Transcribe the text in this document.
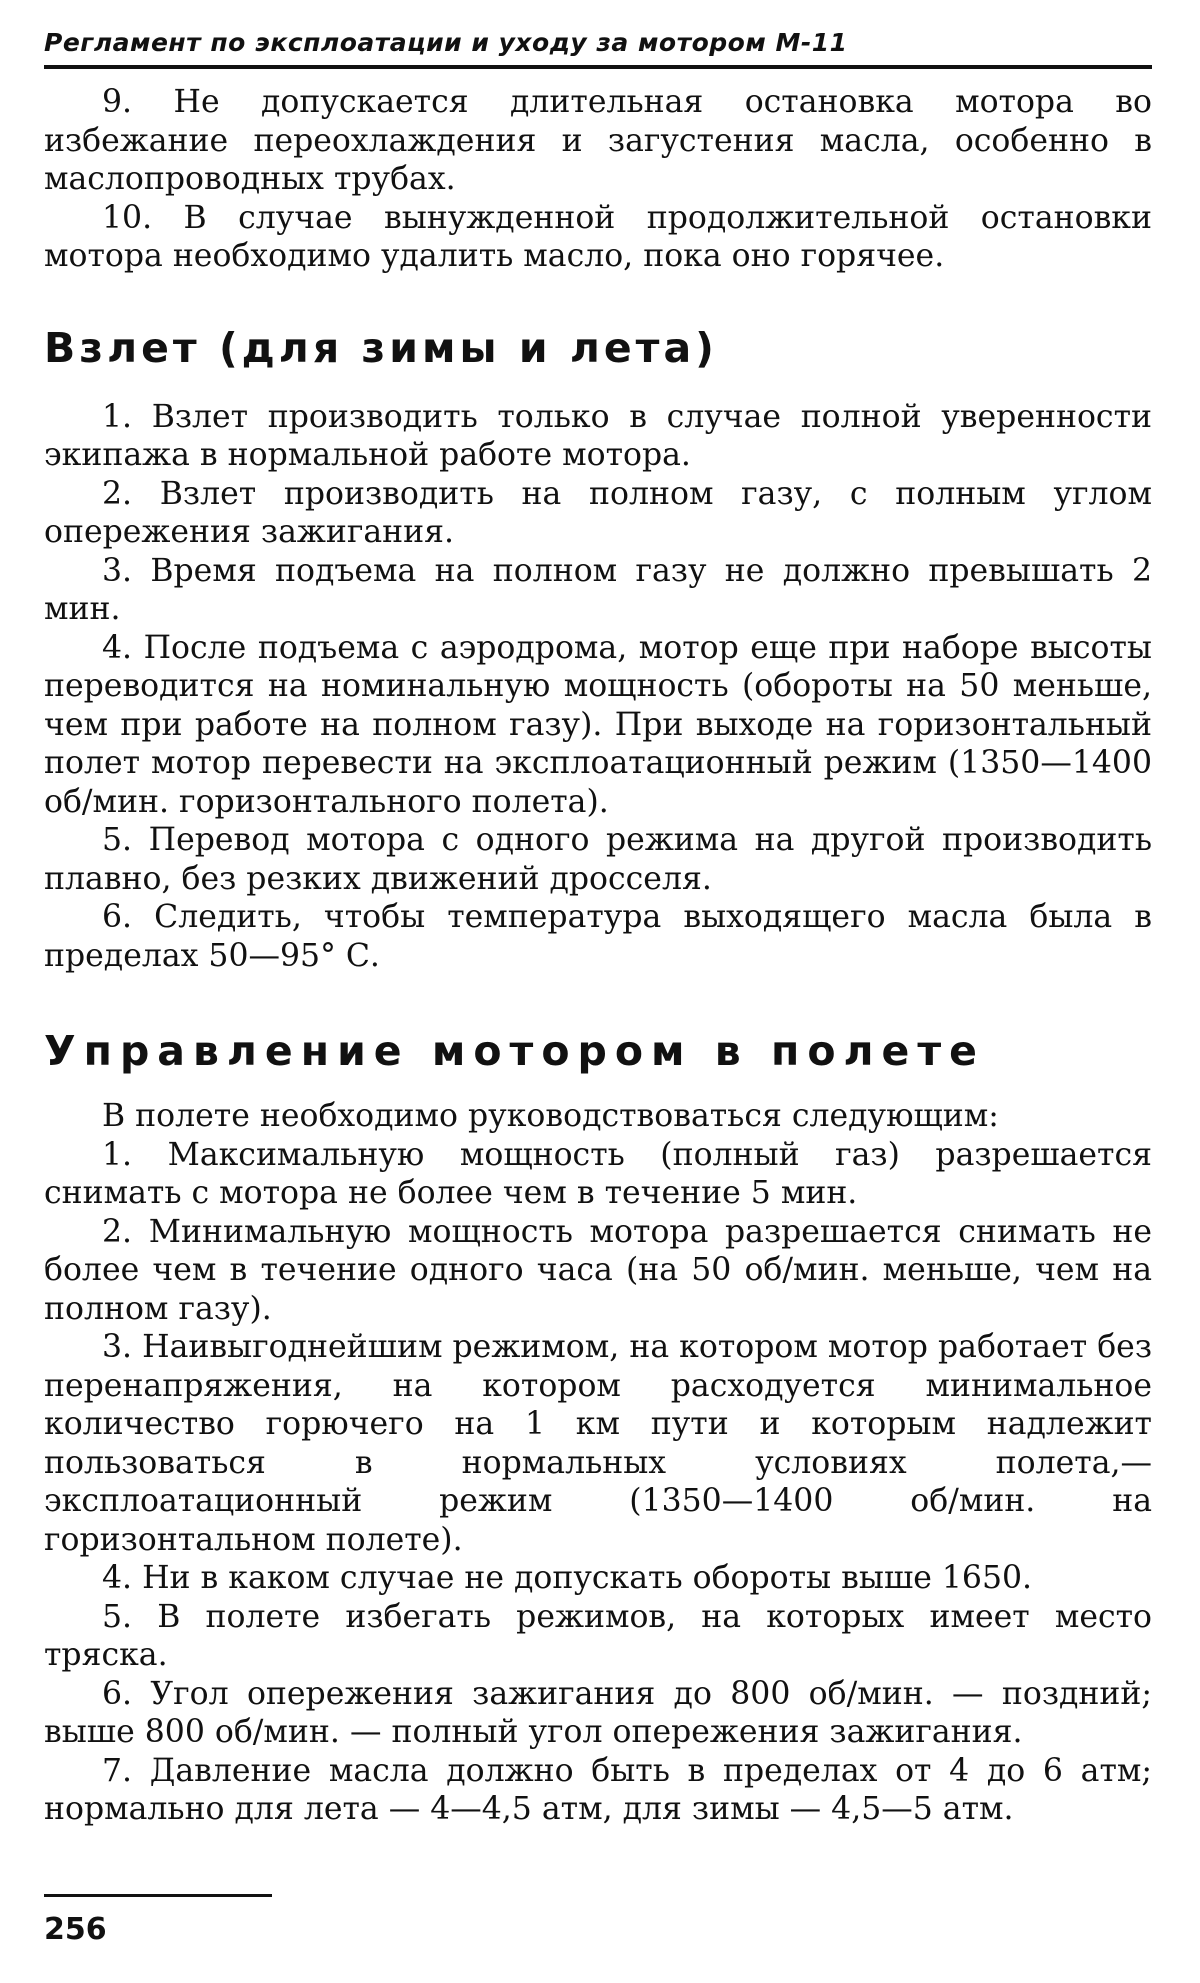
Регламент по эксплоатации и уходу за мотором М-11

9. Не допускается длительная остановка мотора во избежание переохлаждения и загустения масла, особенно в маслопроводных трубах.

10. В случае вынужденной продолжительной остановки мотора необходимо удалить масло, пока оно горячее.

Взлет (для зимы и лета)

1. Взлет производить только в случае полной уверенности экипажа в нормальной работе мотора.

2. Взлет производить на полном газу, с полным углом опережения зажигания.

3. Время подъема на полном газу не должно превышать 2 мин.

4. После подъема с аэродрома, мотор еще при наборе высоты переводится на номинальную мощность (обороты на 50 меньше, чем при работе на полном газу). При выходе на горизонтальный полет мотор перевести на эксплоатационный режим (1350—1400 об/мин. горизонтального полета).

5. Перевод мотора с одного режима на другой производить плавно, без резких движений дросселя.

6. Следить, чтобы температура выходящего масла была в пределах 50—95° С.

Управление мотором в полете

В полете необходимо руководствоваться следующим:

1. Максимальную мощность (полный газ) разрешается снимать с мотора не более чем в течение 5 мин.

2. Минимальную мощность мотора разрешается снимать не более чем в течение одного часа (на 50 об/мин. меньше, чем на полном газу).

3. Наивыгоднейшим режимом, на котором мотор работает без перенапряжения, на котором расходуется минимальное количество горючего на 1 км пути и которым надлежит пользоваться в нормальных условиях полета,— эксплоатационный режим (1350—1400 об/мин. на горизонтальном полете).

4. Ни в каком случае не допускать обороты выше 1650.

5. В полете избегать режимов, на которых имеет место тряска.

6. Угол опережения зажигания до 800 об/мин. — поздний; выше 800 об/мин. — полный угол опережения зажигания.

7. Давление масла должно быть в пределах от 4 до 6 атм; нормально для лета — 4—4,5 атм, для зимы — 4,5—5 атм.

256
